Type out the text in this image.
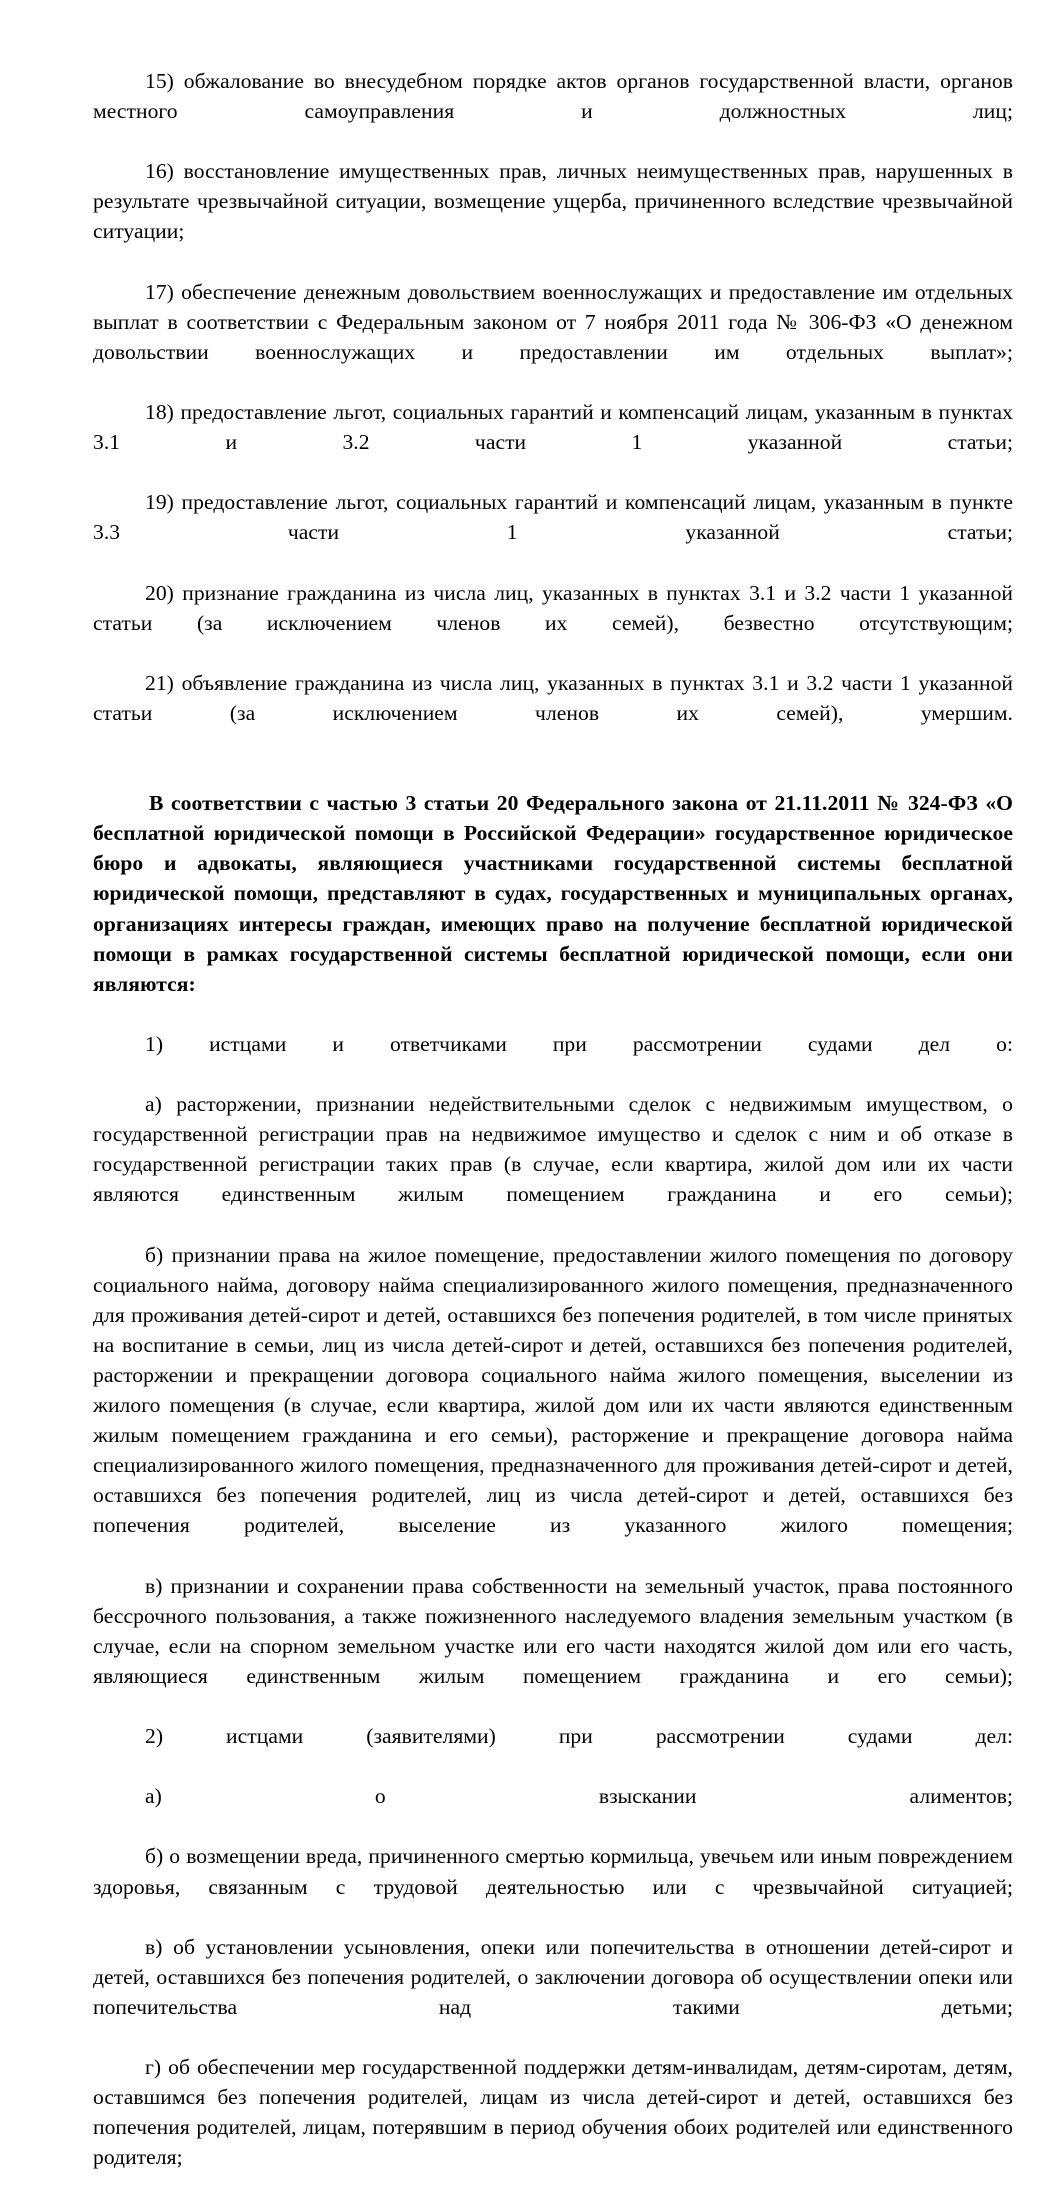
15) обжалование во внесудебном порядке актов органов государственной власти, органов местного самоуправления и должностных лиц;

16) восстановление имущественных прав, личных неимущественных прав, нарушенных в результате чрезвычайной ситуации, возмещение ущерба, причиненного вследствие чрезвычайной ситуации;

17) обеспечение денежным довольствием военнослужащих и предоставление им отдельных выплат в соответствии с Федеральным законом от 7 ноября 2011 года № 306-ФЗ «О денежном довольствии военнослужащих и предоставлении им отдельных выплат»;

18) предоставление льгот, социальных гарантий и компенсаций лицам, указанным в пунктах 3.1 и 3.2 части 1 указанной статьи;

19) предоставление льгот, социальных гарантий и компенсаций лицам, указанным в пункте 3.3 части 1 указанной статьи;

20) признание гражданина из числа лиц, указанных в пунктах 3.1 и 3.2 части 1 указанной статьи (за исключением членов их семей), безвестно отсутствующим;

21) объявление гражданина из числа лиц, указанных в пунктах 3.1 и 3.2 части 1 указанной статьи (за исключением членов их семей), умершим.

В соответствии с частью 3 статьи 20 Федерального закона от 21.11.2011 № 324-ФЗ «О бесплатной юридической помощи в Российской Федерации» государственное юридическое бюро и адвокаты, являющиеся участниками государственной системы бесплатной юридической помощи, представляют в судах, государственных и муниципальных органах, организациях интересы граждан, имеющих право на получение бесплатной юридической помощи в рамках государственной системы бесплатной юридической помощи, если они являются:

1) истцами и ответчиками при рассмотрении судами дел о:

а) расторжении, признании недействительными сделок с недвижимым имуществом, о государственной регистрации прав на недвижимое имущество и сделок с ним и об отказе в государственной регистрации таких прав (в случае, если квартира, жилой дом или их части являются единственным жилым помещением гражданина и его семьи);

б) признании права на жилое помещение, предоставлении жилого помещения по договору социального найма, договору найма специализированного жилого помещения, предназначенного для проживания детей-сирот и детей, оставшихся без попечения родителей, в том числе принятых на воспитание в семьи, лиц из числа детей-сирот и детей, оставшихся без попечения родителей, расторжении и прекращении договора социального найма жилого помещения, выселении из жилого помещения (в случае, если квартира, жилой дом или их части являются единственным жилым помещением гражданина и его семьи), расторжение и прекращение договора найма специализированного жилого помещения, предназначенного для проживания детей-сирот и детей, оставшихся без попечения родителей, лиц из числа детей-сирот и детей, оставшихся без попечения родителей, выселение из указанного жилого помещения;

в) признании и сохранении права собственности на земельный участок, права постоянного бессрочного пользования, а также пожизненного наследуемого владения земельным участком (в случае, если на спорном земельном участке или его части находятся жилой дом или его часть, являющиеся единственным жилым помещением гражданина и его семьи);

2) истцами (заявителями) при рассмотрении судами дел:

а) о взыскании алиментов;

б) о возмещении вреда, причиненного смертью кормильца, увечьем или иным повреждением здоровья, связанным с трудовой деятельностью или с чрезвычайной ситуацией;

в) об установлении усыновления, опеки или попечительства в отношении детей-сирот и детей, оставшихся без попечения родителей, о заключении договора об осуществлении опеки или попечительства над такими детьми;

г) об обеспечении мер государственной поддержки детям-инвалидам, детям-сиротам, детям, оставшимся без попечения родителей, лицам из числа детей-сирот и детей, оставшихся без попечения родителей, лицам, потерявшим в период обучения обоих родителей или единственного родителя;
